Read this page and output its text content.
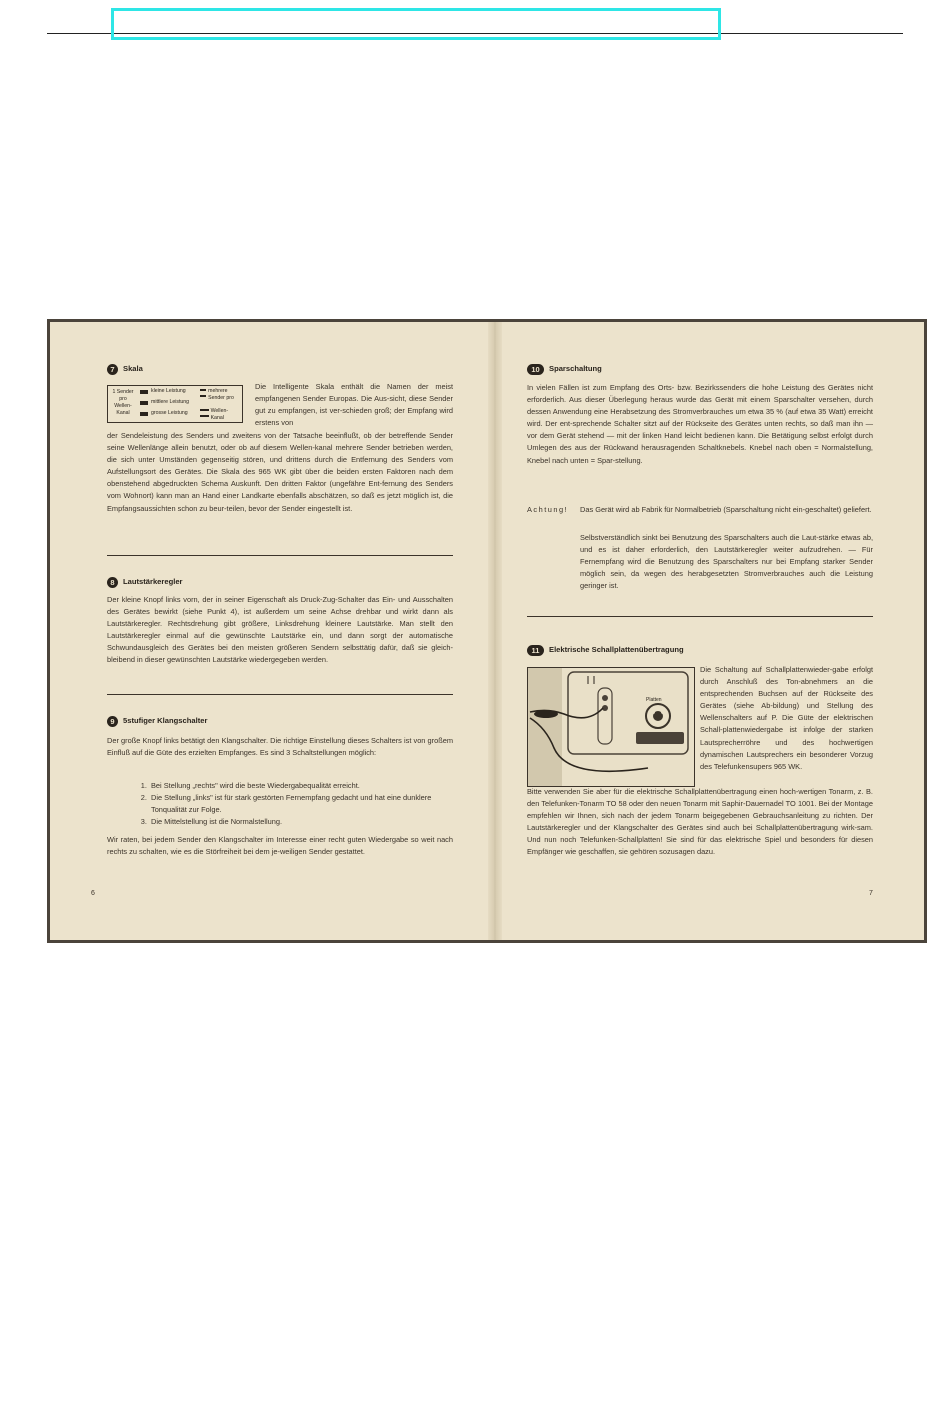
7	Skala
1 Sender pro Wellen-Kanal
kleine Leistung
mittlere Leistung
grosse Leistung
mehrere Sender pro
Wellen-Kanal

Die Intelligente Skala enthält die Namen der meist empfangenen Sender Europas. Die Aus-sicht, diese Sender gut zu empfangen, ist ver-schieden groß; der Empfang wird erstens von

der Sendeleistung des Senders und zweitens von der Tatsache beeinflußt, ob der betreffende Sender seine Wellenlänge allein benutzt, oder ob auf diesem Wellen-kanal mehrere Sender betrieben werden, die sich unter Umständen gegenseitig stören, und drittens durch die Entfernung des Senders vom Aufstellungsort des Gerätes. Die Skala des 965 WK gibt über die beiden ersten Faktoren nach dem obenstehend abgedruckten Schema Auskunft. Den dritten Faktor (ungefähre Ent-fernung des Senders vom Wohnort) kann man an Hand einer Landkarte ebenfalls abschätzen, so daß es jetzt möglich ist, die Empfangsaussichten schon zu beur-teilen, bevor der Sender eingestellt ist.

8	Lautstärkeregler

Der kleine Knopf links vorn, der in seiner Eigenschaft als Druck-Zug-Schalter das Ein- und Ausschalten des Gerätes bewirkt (siehe Punkt 4), ist außerdem um seine Achse drehbar und wirkt dann als Lautstärkeregler. Rechtsdrehung gibt größere, Linksdrehung kleinere Lautstärke. Man stellt den Lautstärkeregler einmal auf die gewünschte Lautstärke ein, und dann sorgt der automatische Schwundausgleich des Gerätes bei den meisten größeren Sendern selbsttätig dafür, daß sie gleich-bleibend in dieser gewünschten Lautstärke wiedergegeben werden.

9	5stufiger Klangschalter

Der große Knopf links betätigt den Klangschalter. Die richtige Einstellung dieses Schalters ist von großem Einfluß auf die Güte des erzielten Empfanges. Es sind 3 Schaltstellungen möglich:

1. Bei Stellung „rechts" wird die beste Wiedergabequalität erreicht.
2. Die Stellung „links" ist für stark gestörten Fernempfang gedacht und hat eine dunklere Tonqualität zur Folge.
3. Die Mittelstellung ist die Normalstellung.

Wir raten, bei jedem Sender den Klangschalter im Interesse einer recht guten Wiedergabe so weit nach rechts zu schalten, wie es die Störfreiheit bei dem je-weiligen Sender gestattet.

6
10	Sparschaltung

In vielen Fällen ist zum Empfang des Orts- bzw. Bezirkssenders die hohe Leistung des Gerätes nicht erforderlich. Aus dieser Überlegung heraus wurde das Gerät mit einem Sparschalter versehen, durch dessen Anwendung eine Herabsetzung des Stromverbrauches um etwa 35 % (auf etwa 35 Watt) erreicht wird. Der ent-sprechende Schalter sitzt auf der Rückseite des Gerätes unten rechts, so daß man ihn — vor dem Gerät stehend — mit der linken Hand leicht bedienen kann. Die Betätigung selbst erfolgt durch Umlegen des aus der Rückwand herausragenden Schaltknebels. Knebel nach oben = Normalstellung, Knebel nach unten = Spar-stellung.

Achtung! Das Gerät wird ab Fabrik für Normalbetrieb (Sparschaltung nicht ein-geschaltet) geliefert.

Selbstverständlich sinkt bei Benutzung des Sparschalters auch die Laut-stärke etwas ab, und es ist daher erforderlich, den Lautstärkeregler weiter aufzudrehen. — Für Fernempfang wird die Benutzung des Sparschalters nur bei Empfang starker Sender möglich sein, da wegen des herabgesetzten Stromverbrauches auch die Leistung geringer ist.

11	Elektrische Schallplattenübertragung
Platten

Die Schaltung auf Schallplattenwieder-gabe erfolgt durch Anschluß des Ton-abnehmers an die entsprechenden Buchsen auf der Rückseite des Gerätes (siehe Ab-bildung) und Stellung des Wellenschalters auf P. Die Güte der elektrischen Schall-plattenwiedergabe ist infolge der starken Lautsprecherröhre und des hochwertigen dynamischen Lautsprechers ein besonderer Vorzug des Telefunkensupers 965 WK.

Bitte verwenden Sie aber für die elektrische Schallplattenübertragung einen hoch-wertigen Tonarm, z. B. den Telefunken-Tonarm TO 58 oder den neuen Tonarm mit Saphir-Dauernadel TO 1001. Bei der Montage empfehlen wir Ihnen, sich nach der jedem Tonarm beigegebenen Gebrauchsanleitung zu richten. Der Lautstärkeregler und der Klangschalter des Gerätes sind auch bei Schallplattenübertragung wirk-sam. Und nun noch Telefunken-Schallplatten! Sie sind für das elektrische Spiel und besonders für diesen Empfänger wie geschaffen, sie gehören sozusagen dazu.

7
